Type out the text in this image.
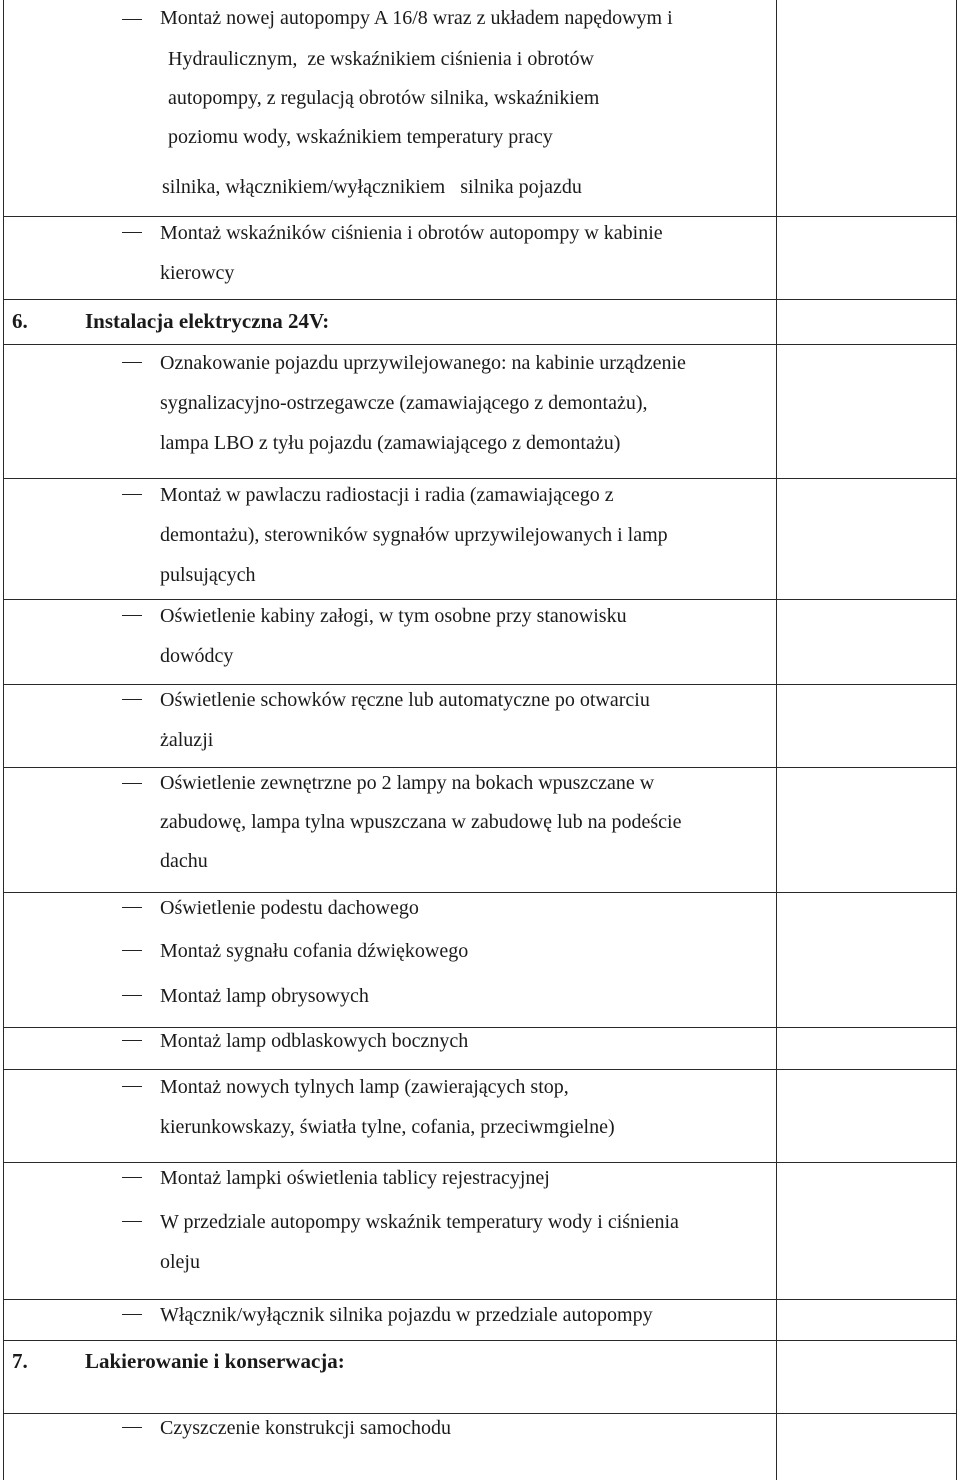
Montaż nowej autopompy A 16/8 wraz z układem napędowym i
Hydraulicznym,  ze wskaźnikiem ciśnienia i obrotów
autopompy, z regulacją obrotów silnika, wskaźnikiem
poziomu wody, wskaźnikiem temperatury pracy
silnika, włącznikiem/wyłącznikiem   silnika pojazdu
Montaż wskaźników ciśnienia i obrotów autopompy w kabinie
kierowcy
6.	Instalacja elektryczna 24V:
Oznakowanie pojazdu uprzywilejowanego: na kabinie urządzenie
sygnalizacyjno-ostrzegawcze (zamawiającego z demontażu),
lampa LBO z tyłu pojazdu (zamawiającego z demontażu)
Montaż w pawlaczu radiostacji i radia (zamawiającego z
demontażu), sterowników sygnałów uprzywilejowanych i lamp
pulsujących
Oświetlenie kabiny załogi, w tym osobne przy stanowisku
dowódcy
Oświetlenie schowków ręczne lub automatyczne po otwarciu
żaluzji
Oświetlenie zewnętrzne po 2 lampy na bokach wpuszczane w
zabudowę, lampa tylna wpuszczana w zabudowę lub na podeście
dachu
Oświetlenie podestu dachowego
Montaż sygnału cofania dźwiękowego
Montaż lamp obrysowych
Montaż lamp odblaskowych bocznych
Montaż nowych tylnych lamp (zawierających stop,
kierunkowskazy, światła tylne, cofania, przeciwmgielne)
Montaż lampki oświetlenia tablicy rejestracyjnej
W przedziale autopompy wskaźnik temperatury wody i ciśnienia
oleju
Włącznik/wyłącznik silnika pojazdu w przedziale autopompy
7.	Lakierowanie i konserwacja:
Czyszczenie konstrukcji samochodu
